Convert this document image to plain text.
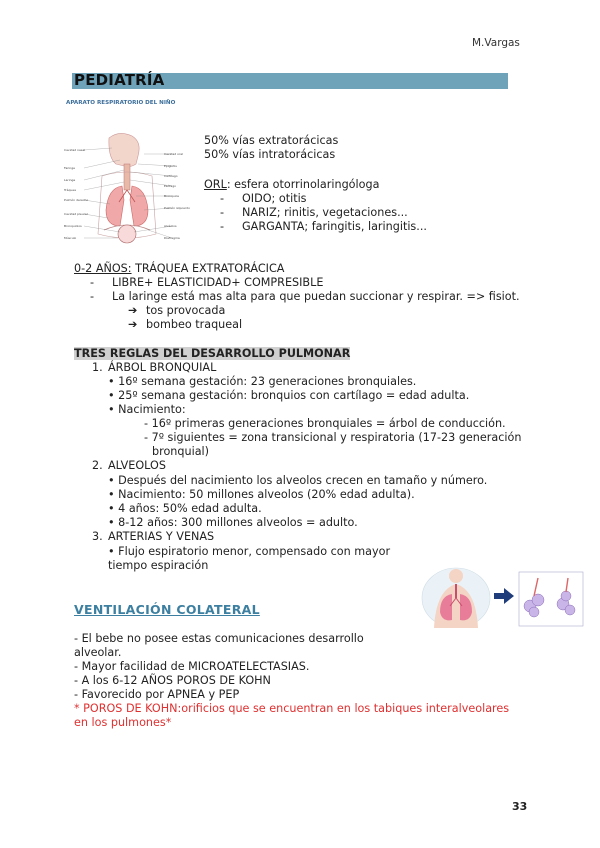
M.Vargas
PEDIATRÍA
APARATO RESPIRATORIO DEL NIÑO
Cavidad nasal
Faringe
Laringe
Tráquea
Pulmón derecho
Cavidad pleural
Bronquiolos
Músculo
Cavidad oral
Epiglotis
Cartílago
Esófago
Bronquios
Pulmón izquierdo
Alvéolos
Diafragma
50% vías extratorácicas
50% vías intratorácicas
ORL: esfera otorrinolaringóloga
- OIDO; otitis
- NARIZ; rinitis, vegetaciones...
- GARGANTA; faringitis, laringitis...
0-2 AÑOS: TRÁQUEA EXTRATORÁCICA
- LIBRE+ ELASTICIDAD+ COMPRESIBLE
- La laringe está mas alta para que puedan succionar y respirar. => fisiot.
➔ tos provocada
➔ bombeo traqueal
TRES REGLAS DEL DESARROLLO PULMONAR
1. ÁRBOL BRONQUIAL
• 16º semana gestación: 23 generaciones bronquiales.
• 25º semana gestación: bronquios con cartílago = edad adulta.
• Nacimiento:
- 16º primeras generaciones bronquiales = árbol de conducción.
- 7º siguientes = zona transicional y respiratoria (17-23 generación
bronquial)
2. ALVEOLOS
• Después del nacimiento los alveolos crecen en tamaño y número.
• Nacimiento: 50 millones alveolos (20% edad adulta).
• 4 años: 50% edad adulta.
• 8-12 años: 300 millones alveolos = adulto.
3. ARTERIAS Y VENAS
• Flujo espiratorio menor, compensado con mayor
tiempo espiración
VENTILACIÓN COLATERAL
- El bebe no posee estas comunicaciones desarrollo
alveolar.
- Mayor facilidad de MICROATELECTASIAS.
- A los 6-12 AÑOS POROS DE KOHN
- Favorecido por APNEA y PEP
* POROS DE KOHN:orificios que se encuentran en los tabiques interalveolares
en los pulmones*
33
